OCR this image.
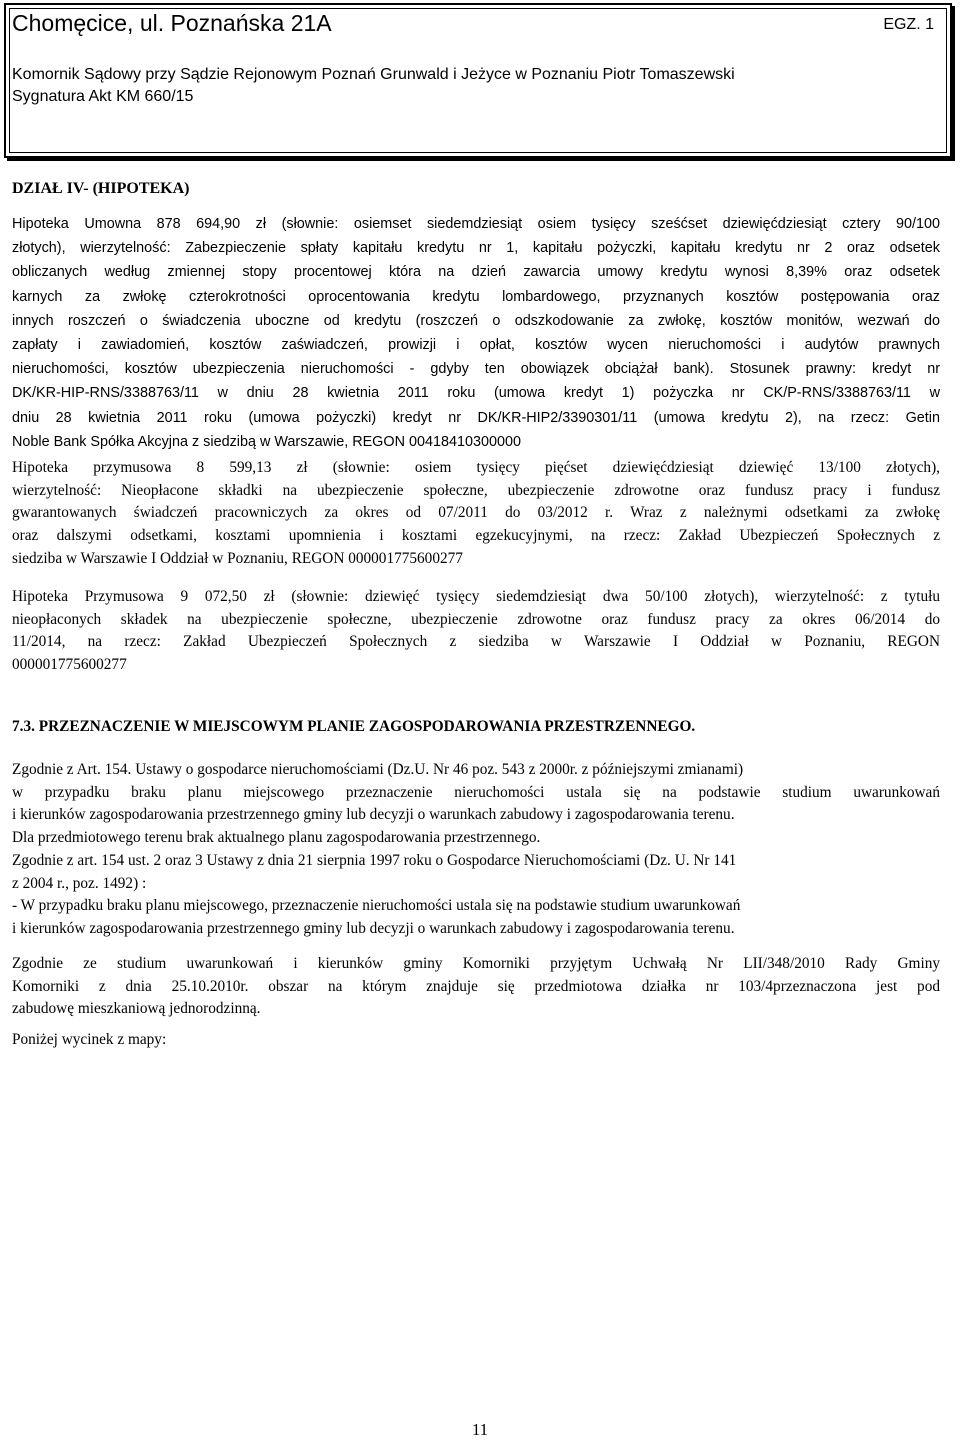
Chomęcice, ul. Poznańska 21A	EGZ. 1
Komornik Sądowy przy Sądzie Rejonowym Poznań Grunwald i Jeżyce w Poznaniu Piotr Tomaszewski
Sygnatura Akt KM 660/15
DZIAŁ IV- (HIPOTEKA)
Hipoteka Umowna 878 694,90 zł (słownie: osiemset siedemdziesiąt osiem tysięcy sześćset dziewięćdziesiąt cztery 90/100
złotych), wierzytelność: Zabezpieczenie spłaty kapitału kredytu nr 1, kapitału pożyczki, kapitału kredytu nr 2 oraz odsetek
obliczanych według zmiennej stopy procentowej która na dzień zawarcia umowy kredytu wynosi 8,39% oraz odsetek
karnych za zwłokę czterokrotności oprocentowania kredytu lombardowego, przyznanych kosztów postępowania oraz
innych roszczeń o świadczenia uboczne od kredytu (roszczeń o odszkodowanie za zwłokę, kosztów monitów, wezwań do
zapłaty i zawiadomień, kosztów zaświadczeń, prowizji i opłat, kosztów wycen nieruchomości i audytów prawnych
nieruchomości, kosztów ubezpieczenia nieruchomości - gdyby ten obowiązek obciążał bank). Stosunek prawny: kredyt nr
DK/KR-HIP-RNS/3388763/11 w dniu 28 kwietnia 2011 roku (umowa kredyt 1) pożyczka nr CK/P-RNS/3388763/11 w
dniu 28 kwietnia 2011 roku (umowa pożyczki) kredyt nr DK/KR-HIP2/3390301/11 (umowa kredytu 2), na rzecz: Getin
Noble Bank Spółka Akcyjna z siedzibą w Warszawie, REGON 00418410300000
Hipoteka przymusowa 8 599,13 zł (słownie: osiem tysięcy pięćset dziewięćdziesiąt dziewięć 13/100 złotych),
wierzytelność: Nieopłacone składki na ubezpieczenie społeczne, ubezpieczenie zdrowotne oraz fundusz pracy i fundusz
gwarantowanych świadczeń pracowniczych za okres od 07/2011 do 03/2012 r. Wraz z należnymi odsetkami za zwłokę
oraz dalszymi odsetkami, kosztami upomnienia i kosztami egzekucyjnymi, na rzecz: Zakład Ubezpieczeń Społecznych z
siedziba w Warszawie I Oddział w Poznaniu, REGON 000001775600277
Hipoteka Przymusowa 9 072,50 zł (słownie: dziewięć tysięcy siedemdziesiąt dwa 50/100 złotych), wierzytelność: z tytułu
nieopłaconych składek na ubezpieczenie społeczne, ubezpieczenie zdrowotne oraz fundusz pracy za okres 06/2014 do
11/2014, na rzecz: Zakład Ubezpieczeń Społecznych z siedziba w Warszawie I Oddział w Poznaniu, REGON
000001775600277
7.3. PRZEZNACZENIE W MIEJSCOWYM PLANIE ZAGOSPODAROWANIA PRZESTRZENNEGO.
Zgodnie z Art. 154. Ustawy o gospodarce nieruchomościami (Dz.U. Nr 46 poz. 543 z 2000r. z późniejszymi zmianami)
w przypadku braku planu miejscowego przeznaczenie nieruchomości ustala się na podstawie studium uwarunkowań
i kierunków zagospodarowania przestrzennego gminy lub decyzji o warunkach zabudowy i zagospodarowania terenu.
Dla przedmiotowego terenu brak aktualnego planu zagospodarowania przestrzennego.
Zgodnie z art. 154 ust. 2 oraz 3 Ustawy z dnia 21 sierpnia 1997 roku o Gospodarce Nieruchomościami (Dz. U. Nr 141
z 2004 r., poz. 1492) :
- W przypadku braku planu miejscowego, przeznaczenie nieruchomości ustala się na podstawie studium uwarunkowań
i kierunków zagospodarowania przestrzennego gminy lub decyzji o warunkach zabudowy i zagospodarowania terenu.
Zgodnie ze studium uwarunkowań i kierunków gminy Komorniki przyjętym Uchwałą Nr LII/348/2010 Rady Gminy
Komorniki z dnia 25.10.2010r. obszar na którym znajduje się przedmiotowa działka nr 103/4przeznaczona jest pod
zabudowę mieszkaniową jednorodzinną.
Poniżej wycinek z mapy:
11
